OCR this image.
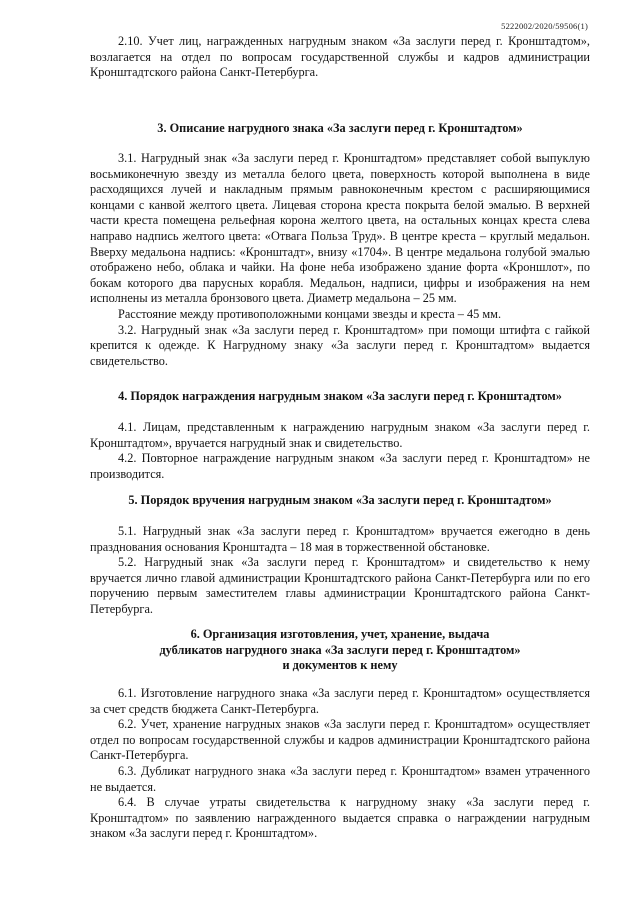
5222002/2020/59506(1)

2.10. Учет лиц, награжденных нагрудным знаком «За заслуги перед г. Кронштадтом», возлагается на отдел по вопросам государственной службы и кадров администрации Кронштадтского района Санкт-Петербурга.

3. Описание нагрудного знака «За заслуги перед г. Кронштадтом»

3.1. Нагрудный знак «За заслуги перед г. Кронштадтом» представляет собой выпуклую восьмиконечную звезду из металла белого цвета, поверхность которой выполнена в виде расходящихся лучей и накладным прямым равноконечным крестом с расширяющимися концами с канвой желтого цвета. Лицевая сторона креста покрыта белой эмалью. В верхней части креста помещена рельефная корона желтого цвета, на остальных концах креста слева направо надпись желтого цвета: «Отвага Польза Труд». В центре креста – круглый медальон. Вверху медальона надпись: «Кронштадт», внизу «1704». В центре медальона голубой эмалью отображено небо, облака и чайки. На фоне неба изображено здание форта «Кроншлот», по бокам которого два парусных корабля. Медальон, надписи, цифры и изображения на нем исполнены из металла бронзового цвета. Диаметр медальона – 25 мм.

Расстояние между противоположными концами звезды и креста – 45 мм.

3.2. Нагрудный знак «За заслуги перед г. Кронштадтом» при помощи штифта с гайкой крепится к одежде. К Нагрудному знаку «За заслуги перед г. Кронштадтом» выдается свидетельство.

4. Порядок награждения нагрудным знаком «За заслуги перед г. Кронштадтом»

4.1. Лицам, представленным к награждению нагрудным знаком «За заслуги перед г. Кронштадтом», вручается нагрудный знак и свидетельство.

4.2. Повторное награждение нагрудным знаком «За заслуги перед г. Кронштадтом» не производится.

5. Порядок вручения нагрудным знаком «За заслуги перед г. Кронштадтом»

5.1. Нагрудный знак «За заслуги перед г. Кронштадтом» вручается ежегодно в день празднования основания Кронштадта – 18 мая в торжественной обстановке.

5.2. Нагрудный знак «За заслуги перед г. Кронштадтом» и свидетельство к нему вручается лично главой администрации Кронштадтского района Санкт-Петербурга или по его поручению первым заместителем главы администрации Кронштадтского района Санкт-Петербурга.

6. Организация изготовления, учет, хранение, выдача

дубликатов нагрудного знака «За заслуги перед г. Кронштадтом»

и документов к нему

6.1. Изготовление нагрудного знака «За заслуги перед г. Кронштадтом» осуществляется за счет средств бюджета Санкт-Петербурга.

6.2. Учет, хранение нагрудных знаков «За заслуги перед г. Кронштадтом» осуществляет отдел по вопросам государственной службы и кадров администрации Кронштадтского района Санкт-Петербурга.

6.3. Дубликат нагрудного знака «За заслуги перед г. Кронштадтом» взамен утраченного не выдается.

6.4. В случае утраты свидетельства к нагрудному знаку «За заслуги перед г. Кронштадтом» по заявлению награжденного выдается справка о награждении нагрудным знаком «За заслуги перед г. Кронштадтом».
